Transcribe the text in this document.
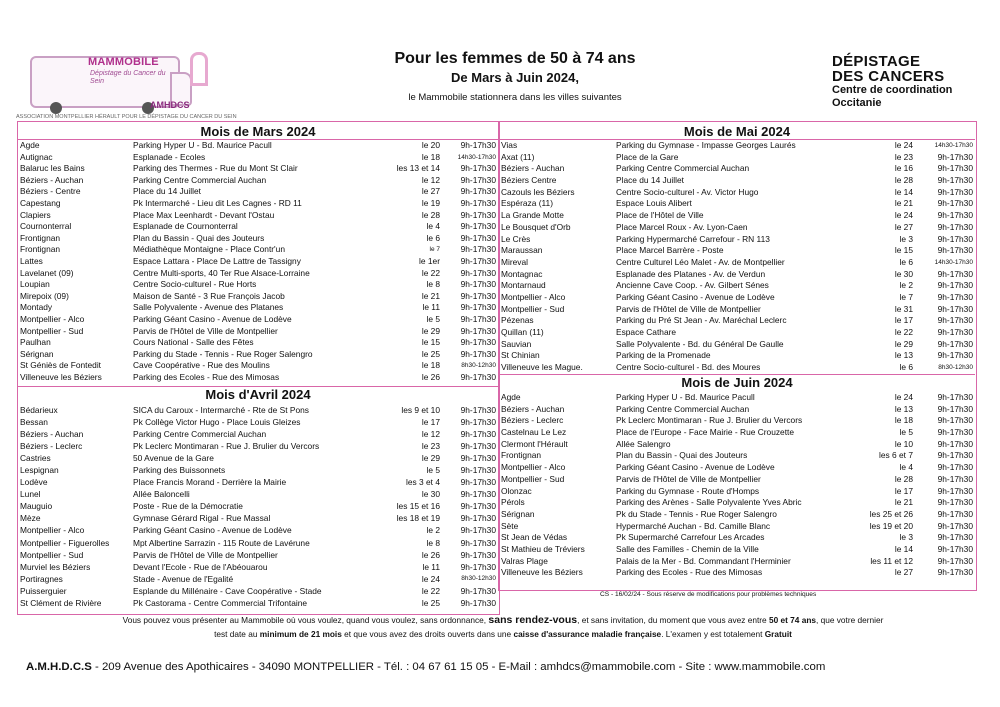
MAMMOBILE
Dépistage du Cancer du Sein
AMHDCS
ASSOCIATION MONTPELLIER HÉRAULT POUR LE DÉPISTAGE DU CANCER DU SEIN
Pour les femmes de 50 à 74 ans
De Mars à Juin 2024,
le Mammobile stationnera dans les villes suivantes
DÉPISTAGE
DES CANCERS
Centre de coordination
Occitanie
Mois de Mars 2024
Agde	Parking Hyper U - Bd. Maurice Pacull	le 20	9h-17h30
Autignac	Esplanade - Ecoles	le 18	14h30-17h30
Balaruc les Bains	Parking des Thermes - Rue du Mont St Clair	les 13 et 14	9h-17h30
Béziers - Auchan	Parking Centre Commercial Auchan	le 12	9h-17h30
Béziers - Centre	Place du 14 Juillet	le 27	9h-17h30
Capestang	Pk Intermarché - Lieu dit Les Cagnes - RD 11	le 19	9h-17h30
Clapiers	Place Max Leenhardt - Devant l'Ostau	le 28	9h-17h30
Cournonterral	Esplanade de Cournonterral	le 4	9h-17h30
Frontignan	Plan du Bassin - Quai des Jouteurs	le 6	9h-17h30
Frontignan	Médiathèque Montaigne - Place Contr'un	le 7	9h-17h30
Lattes	Espace Lattara - Place De Lattre de Tassigny	le 1er	9h-17h30
Lavelanet (09)	Centre Multi-sports, 40 Ter Rue Alsace-Lorraine	le 22	9h-17h30
Loupian	Centre Socio-culturel - Rue Horts	le 8	9h-17h30
Mirepoix (09)	Maison de Santé - 3 Rue François Jacob	le 21	9h-17h30
Montady	Salle Polyvalente - Avenue des Platanes	le 11	9h-17h30
Montpellier - Alco	Parking Géant Casino - Avenue de Lodève	le 5	9h-17h30
Montpellier - Sud	Parvis de l'Hôtel de Ville de Montpellier	le 29	9h-17h30
Paulhan	Cours National - Salle des Fêtes	le 15	9h-17h30
Sérignan	Parking du Stade - Tennis - Rue Roger Salengro	le 25	9h-17h30
St Géniès de Fontedit	Cave Coopérative - Rue des Moulins	le 18	8h30-12h30
Villeneuve les Béziers	Parking des Ecoles - Rue des Mimosas	le 26	9h-17h30
Mois d'Avril 2024
Bédarieux	SICA du Caroux - Intermarché - Rte de St Pons	les 9 et 10	9h-17h30
Bessan	Pk Collège Victor Hugo - Place Louis Gleizes	le 17	9h-17h30
Béziers - Auchan	Parking Centre Commercial Auchan	le 12	9h-17h30
Béziers - Leclerc	Pk Leclerc Montimaran - Rue J. Brulier du Vercors	le 23	9h-17h30
Castries	50 Avenue de la Gare	le 29	9h-17h30
Lespignan	Parking des Buissonnets	le 5	9h-17h30
Lodève	Place Francis Morand - Derrière la Mairie	les 3 et 4	9h-17h30
Lunel	Allée Baloncelli	le 30	9h-17h30
Mauguio	Poste - Rue de la Démocratie	les 15 et 16	9h-17h30
Mèze	Gymnase Gérard Rigal - Rue Massal	les 18 et 19	9h-17h30
Montpellier - Alco	Parking Géant Casino - Avenue de Lodève	le 2	9h-17h30
Montpellier - Figuerolles	Mpt Albertine Sarrazin - 115 Route de Lavérune	le 8	9h-17h30
Montpellier - Sud	Parvis de l'Hôtel de Ville de Montpellier	le 26	9h-17h30
Murviel les Béziers	Devant l'Ecole - Rue de l'Abéouarou	le 11	9h-17h30
Portiragnes	Stade - Avenue de l'Egalité	le 24	8h30-12h30
Puisserguier	Esplande du Millénaire - Cave Coopérative - Stade	le 22	9h-17h30
St Clément de Rivière	Pk Castorama - Centre Commercial Trifontaine	le 25	9h-17h30
Mois de Mai 2024
Vias	Parking du Gymnase - Impasse Georges Laurés	le 24	14h30-17h30
Axat (11)	Place de la Gare	le 23	9h-17h30
Béziers - Auchan	Parking Centre Commercial Auchan	le 16	9h-17h30
Béziers Centre	Place du 14 Juillet	le 28	9h-17h30
Cazouls les Béziers	Centre Socio-culturel - Av. Victor Hugo	le 14	9h-17h30
Espéraza (11)	Espace Louis Alibert	le 21	9h-17h30
La Grande Motte	Place de l'Hôtel de Ville	le 24	9h-17h30
Le Bousquet d'Orb	Place Marcel Roux - Av. Lyon-Caen	le 27	9h-17h30
Le Crès	Parking Hypermarché Carrefour - RN 113	le 3	9h-17h30
Maraussan	Place Marcel Barrère - Poste	le 15	9h-17h30
Mireval	Centre Culturel Léo Malet - Av. de Montpellier	le 6	14h30-17h30
Montagnac	Esplanade des Platanes - Av. de Verdun	le 30	9h-17h30
Montarnaud	Ancienne Cave Coop. - Av. Gilbert Sénes	le 2	9h-17h30
Montpellier - Alco	Parking Géant Casino - Avenue de Lodève	le 7	9h-17h30
Montpellier - Sud	Parvis de l'Hôtel de Ville de Montpellier	le 31	9h-17h30
Pézenas	Parking du Pré St Jean - Av. Maréchal Leclerc	le 17	9h-17h30
Quillan (11)	Espace Cathare	le 22	9h-17h30
Sauvian	Salle Polyvalente - Bd. du Général De Gaulle	le 29	9h-17h30
St Chinian	Parking de la Promenade	le 13	9h-17h30
Villeneuve les Mague.	Centre Socio-culturel - Bd. des Moures	le 6	8h30-12h30
Mois de Juin 2024
Agde	Parking Hyper U - Bd. Maurice Pacull	le 24	9h-17h30
Béziers - Auchan	Parking Centre Commercial Auchan	le 13	9h-17h30
Béziers - Leclerc	Pk Leclerc Montimaran - Rue J. Brulier du Vercors	le 18	9h-17h30
Castelnau Le Lez	Place de l'Europe - Face Mairie - Rue Crouzette	le 5	9h-17h30
Clermont l'Hérault	Allée Salengro	le 10	9h-17h30
Frontignan	Plan du Bassin - Quai des Jouteurs	les 6 et 7	9h-17h30
Montpellier - Alco	Parking Géant Casino - Avenue de Lodève	le 4	9h-17h30
Montpellier - Sud	Parvis de l'Hôtel de Ville de Montpellier	le 28	9h-17h30
Olonzac	Parking du Gymnase - Route d'Homps	le 17	9h-17h30
Pérols	Parking des Arènes - Salle Polyvalente Yves Abric	le 21	9h-17h30
Sérignan	Pk du Stade - Tennis - Rue Roger Salengro	les 25 et 26	9h-17h30
Sète	Hypermarché Auchan - Bd. Camille Blanc	les 19 et 20	9h-17h30
St Jean de Védas	Pk Supermarché Carrefour Les Arcades	le 3	9h-17h30
St Mathieu de Tréviers	Salle des Familles - Chemin de la Ville	le 14	9h-17h30
Valras Plage	Palais de la Mer - Bd. Commandant l'Herminier	les 11 et 12	9h-17h30
Villeneuve les Béziers	Parking des Ecoles - Rue des Mimosas	le 27	9h-17h30
CS - 16/02/24 - Sous réserve de modifications pour problèmes techniques
Vous pouvez vous présenter au Mammobile où vous voulez, quand vous voulez, sans ordonnance, sans rendez-vous, et sans invitation, du moment que vous avez entre 50 et 74 ans, que votre dernier
test date au minimum de 21 mois et que vous avez des droits ouverts dans une caisse d'assurance maladie française. L'examen y est totalement Gratuit
A.M.H.D.C.S - 209 Avenue des Apothicaires - 34090 MONTPELLIER - Tél. : 04 67 61 15 05 - E-Mail : amhdcs@mammobile.com - Site : www.mammobile.com
